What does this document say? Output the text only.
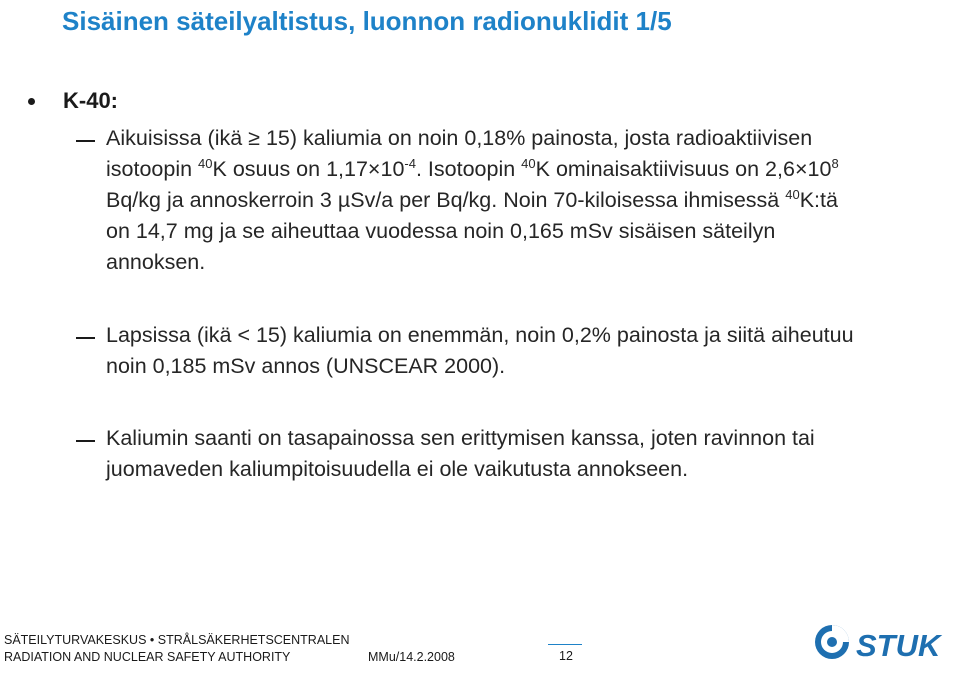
Sisäinen säteilyaltistus, luonnon radionuklidit 1/5
K-40:
Aikuisissa (ikä ≥ 15) kaliumia on noin 0,18% painosta, josta radioaktiivisen isotoopin $^{40}$K osuus on $1,17\times 10^{-4}$. Isotoopin $^{40}$K ominaisaktiivisuus on $2,6\times 10^8$ Bq/kg ja annoskerroin 3 µSv/a per Bq/kg. Noin 70-kiloisessa ihmisessä $^{40}$K:tä on 14,7 mg ja se aiheuttaa vuodessa noin 0,165 mSv sisäisen säteilyn annoksen.
Lapsissa (ikä < 15) kaliumia on enemmän, noin 0,2% painosta ja siitä aiheutuu noin 0,185 mSv annos (UNSCEAR 2000).
Kaliumin saanti on tasapainossa sen erittymisen kanssa, joten ravinnon tai juomaveden kaliumpitoisuudella ei ole vaikutusta annokseen.
SÄTEILYTURVAKESKUS • STRÅLSÄKERHETSCENTRALEN
RADIATION AND NUCLEAR SAFETY AUTHORITY	MMu/14.2.2008	12	STUK
